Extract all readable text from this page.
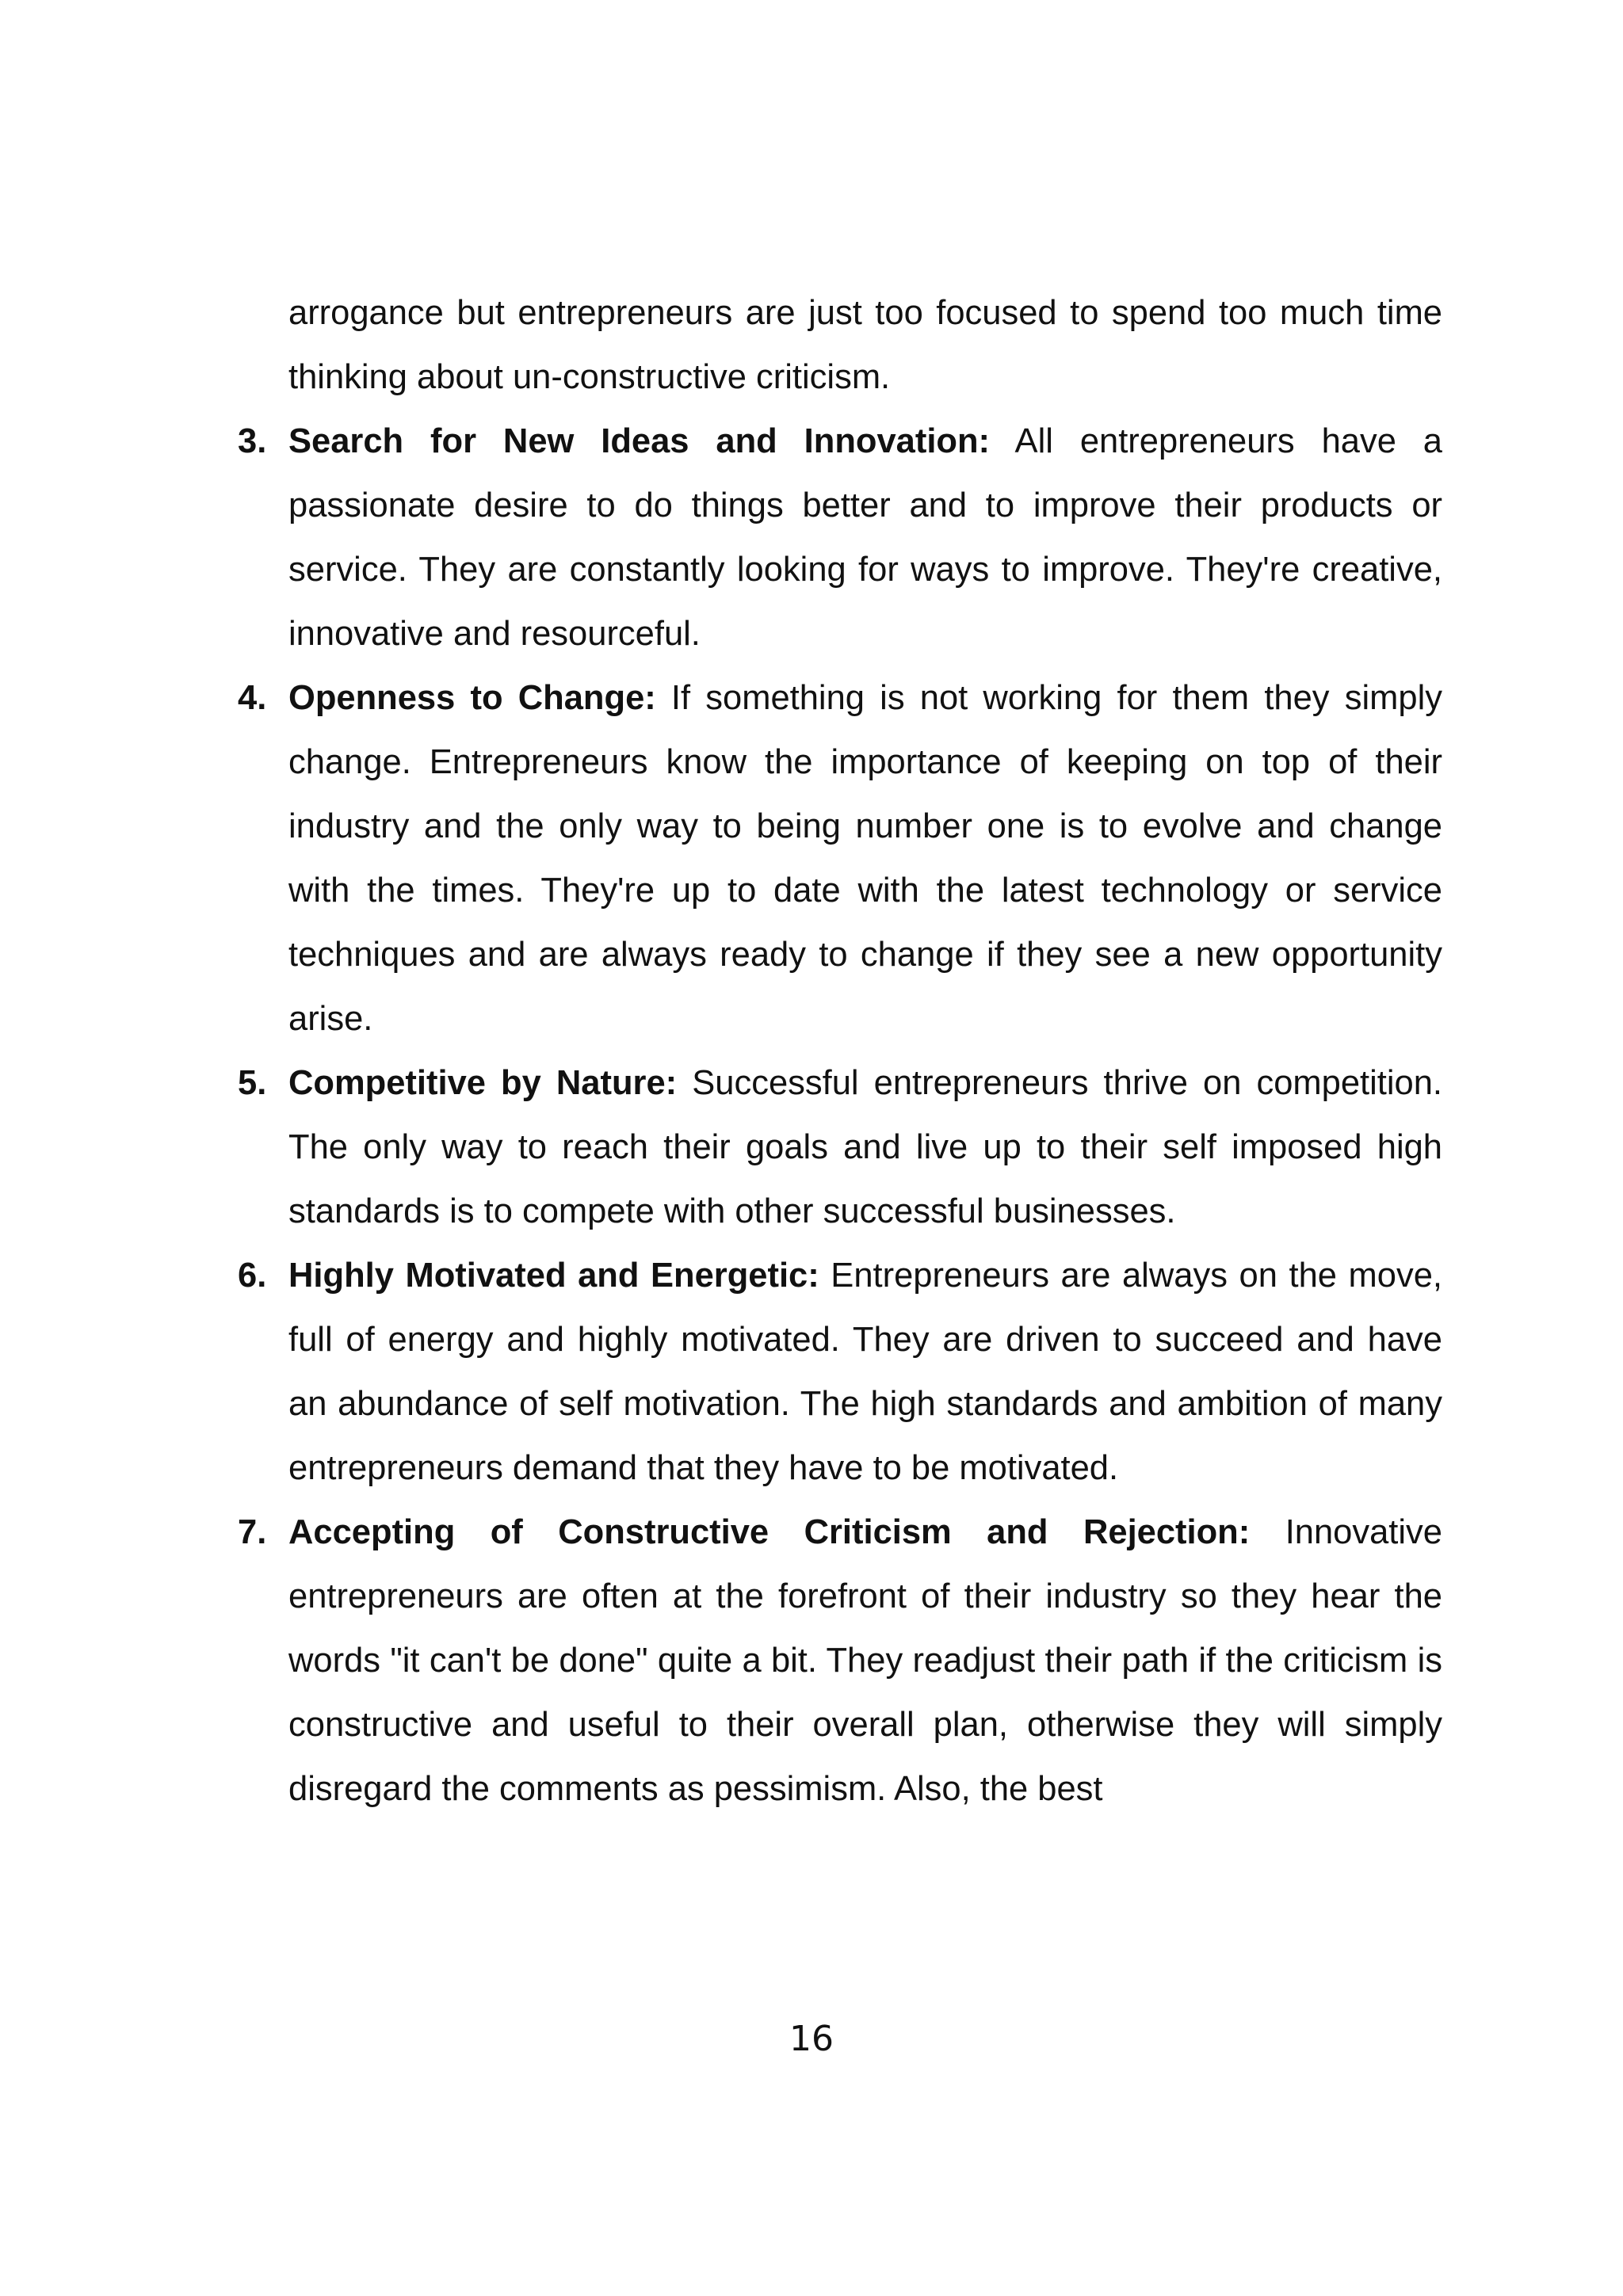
arrogance but entrepreneurs are just too focused to spend too much time thinking about un-constructive criticism.

3. Search for New Ideas and Innovation: All entrepreneurs have a passionate desire to do things better and to improve their products or service. They are constantly looking for ways to improve. They're creative, innovative and resourceful.
4. Openness to Change: If something is not working for them they simply change. Entrepreneurs know the importance of keeping on top of their industry and the only way to being number one is to evolve and change with the times. They're up to date with the latest technology or service techniques and are always ready to change if they see a new opportunity arise.
5. Competitive by Nature: Successful entrepreneurs thrive on competition. The only way to reach their goals and live up to their self imposed high standards is to compete with other successful businesses.
6. Highly Motivated and Energetic: Entrepreneurs are always on the move, full of energy and highly motivated. They are driven to succeed and have an abundance of self motivation. The high standards and ambition of many entrepreneurs demand that they have to be motivated.
7. Accepting of Constructive Criticism and Rejection: Innovative entrepreneurs are often at the forefront of their industry so they hear the words "it can't be done" quite a bit. They readjust their path if the criticism is constructive and useful to their overall plan, otherwise they will simply disregard the comments as pessimism. Also, the best
16
